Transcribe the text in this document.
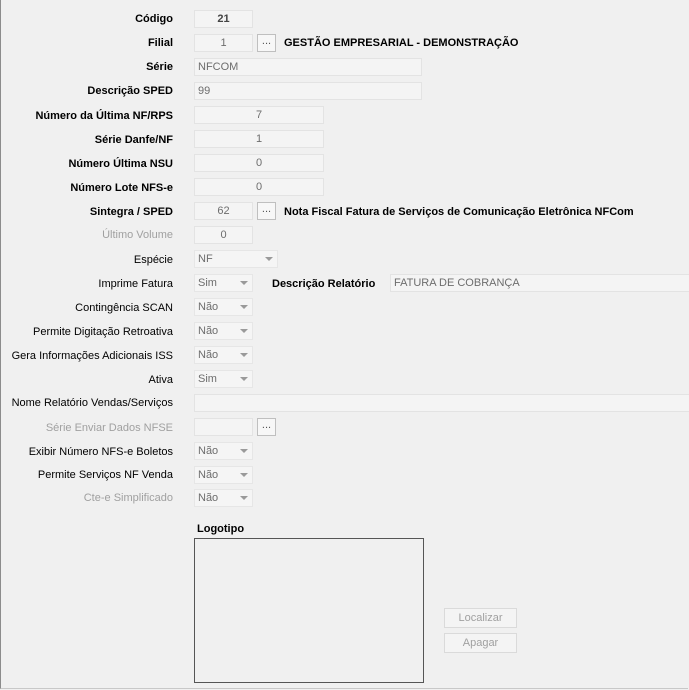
Código	21
Filial	1	...	GESTÃO EMPRESARIAL - DEMONSTRAÇÃO
Série	NFCOM
Descrição SPED	99
Número da Última NF/RPS	7
Série Danfe/NF	1
Número Última NSU	0
Número Lote NFS-e	0
Sintegra / SPED	62	...	Nota Fiscal Fatura de Serviços de Comunicação Eletrônica NFCom
Último Volume	0
Espécie	NF
Imprime Fatura	Sim	Descrição Relatório	FATURA DE COBRANÇA
Contingência SCAN	Não
Permite Digitação Retroativa	Não
Gera Informações Adicionais ISS	Não
Ativa	Sim
Nome Relatório Vendas/Serviços
Série Enviar Dados NFSE	...
Exibir Número NFS-e Boletos	Não
Permite Serviços NF Venda	Não
Cte-e Simplificado	Não
Logotipo
Localizar
Apagar
